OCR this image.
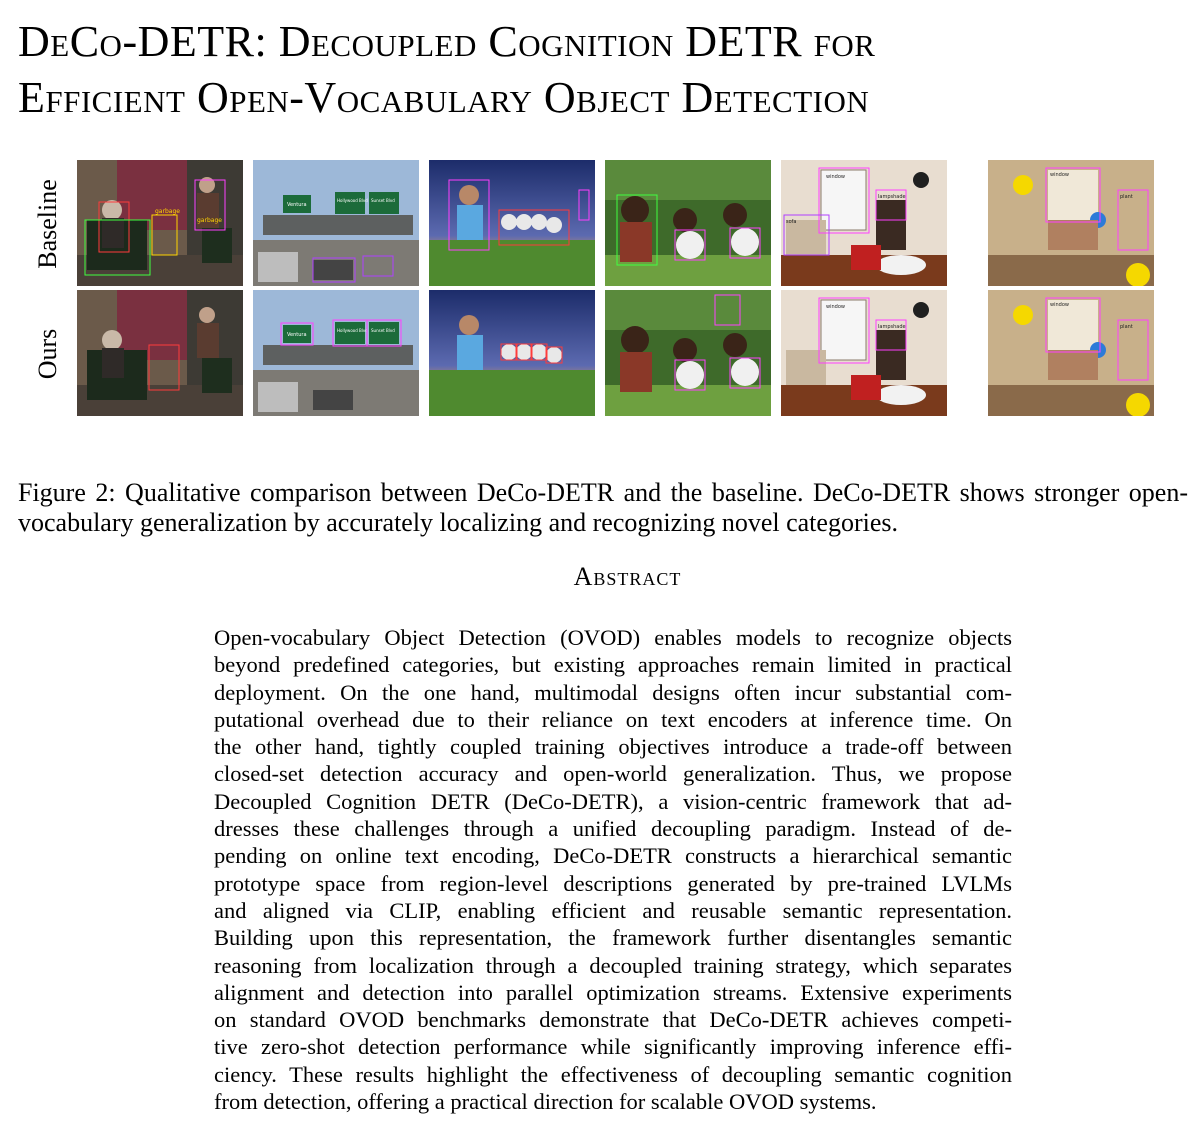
DeCo-DETR: Decoupled Cognition DETR for
Efficient Open-Vocabulary Object Detection
Baseline
Ours
garbage
garbage
Ventura
Hollywood Blvd Sunset Blvd
window
lampshade
sofa
window
plant
Ventura
Hollywood Blvd Sunset Blvd
window
lampshade
window
plant
Figure 2: Qualitative comparison between DeCo-DETR and the baseline. DeCo-DETR shows stronger open-vocabulary generalization by accurately localizing and recognizing novel categories.
Abstract
Open-vocabulary Object Detection (OVOD) enables models to recognize objects
beyond predefined categories, but existing approaches remain limited in practical
deployment. On the one hand, multimodal designs often incur substantial com-
putational overhead due to their reliance on text encoders at inference time. On
the other hand, tightly coupled training objectives introduce a trade-off between
closed-set detection accuracy and open-world generalization. Thus, we propose
Decoupled Cognition DETR (DeCo-DETR), a vision-centric framework that ad-
dresses these challenges through a unified decoupling paradigm. Instead of de-
pending on online text encoding, DeCo-DETR constructs a hierarchical semantic
prototype space from region-level descriptions generated by pre-trained LVLMs
and aligned via CLIP, enabling efficient and reusable semantic representation.
Building upon this representation, the framework further disentangles semantic
reasoning from localization through a decoupled training strategy, which separates
alignment and detection into parallel optimization streams. Extensive experiments
on standard OVOD benchmarks demonstrate that DeCo-DETR achieves competi-
tive zero-shot detection performance while significantly improving inference effi-
ciency. These results highlight the effectiveness of decoupling semantic cognition
from detection, offering a practical direction for scalable OVOD systems.
